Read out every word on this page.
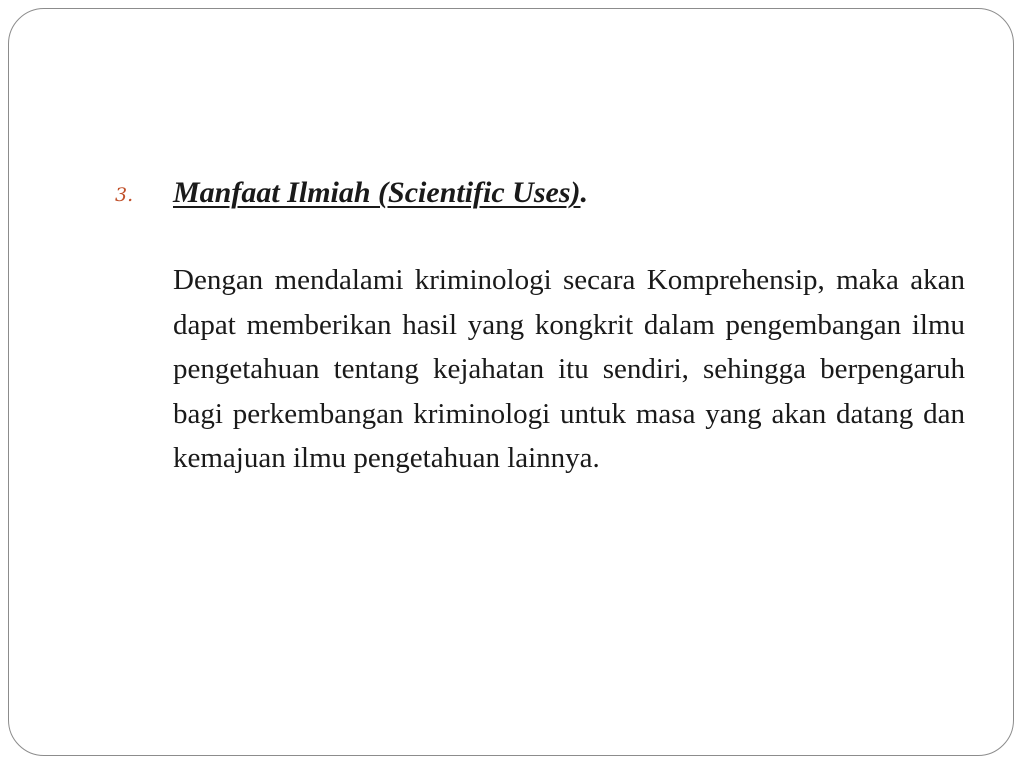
3. Manfaat Ilmiah (Scientific Uses).

Dengan mendalami kriminologi secara Komprehensip, maka akan dapat memberikan hasil yang kongkrit dalam pengembangan ilmu pengetahuan tentang kejahatan itu sendiri, sehingga berpengaruh bagi perkembangan kriminologi untuk masa yang akan datang dan kemajuan ilmu pengetahuan lainnya.
